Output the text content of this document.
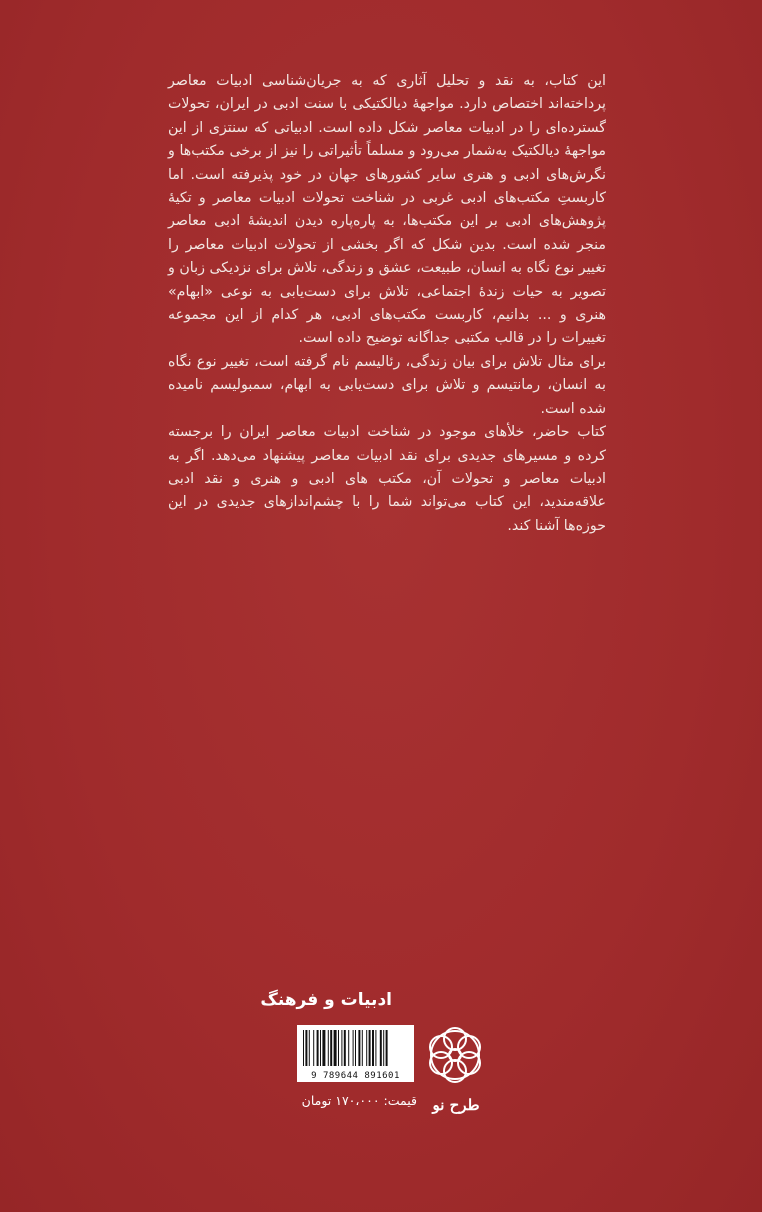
این کتاب، به نقد و تحلیل آثاری که به جریان‌شناسی ادبیات معاصر پرداخته‌اند اختصاص دارد. مواجهۀ دیالکتیکی با سنت ادبی در ایران، تحولات گسترده‌ای را در ادبیات معاصر شکل داده است. ادبیاتی که سنتزی از این مواجهۀ دیالکتیک به‌شمار می‌رود و مسلماً تأثیراتی را نیز از برخی مکتب‌ها و نگرش‌های ادبی و هنری سایر کشورهای جهان در خود پذیرفته است. اما کاربستِ مکتب‌های ادبی غربی در شناخت تحولات ادبیات معاصر و تکیۀ پژوهش‌های ادبی بر این مکتب‌ها، به پاره‌پاره دیدن اندیشۀ ادبی معاصر منجر شده است. بدین شکل که اگر بخشی از تحولات ادبیات معاصر را تغییر نوع نگاه به انسان، طبیعت، عشق و زندگی، تلاش برای نزدیکی زبان و تصویر به حیات زندۀ اجتماعی، تلاش برای دست‌یابی به نوعی «ابهام» هنری و ... بدانیم، کاربست مکتب‌های ادبی، هر کدام از این مجموعه تغییرات را در قالب مکتبی جداگانه توضیح داده است.

برای مثال تلاش برای بیان زندگی، رئالیسم نام گرفته است، تغییر نوع نگاه به انسان، رمانتیسم و تلاش برای دست‌یابی به ابهام، سمبولیسم نامیده شده است.

کتاب حاضر، خلأهای موجود در شناخت ادبیات معاصر ایران را برجسته کرده و مسیرهای جدیدی برای نقد ادبیات معاصر پیشنهاد می‌دهد. اگر به ادبیات معاصر و تحولات آن، مکتب های ادبی و هنری و نقد ادبی علاقه‌مندید، این کتاب می‌تواند شما را با چشم‌اندازهای جدیدی در این حوزه‌ها آشنا کند.

ادبیات و فرهنگ
طرح نو
9 789644 891601
قیمت: ۱۷۰،۰۰۰ تومان
